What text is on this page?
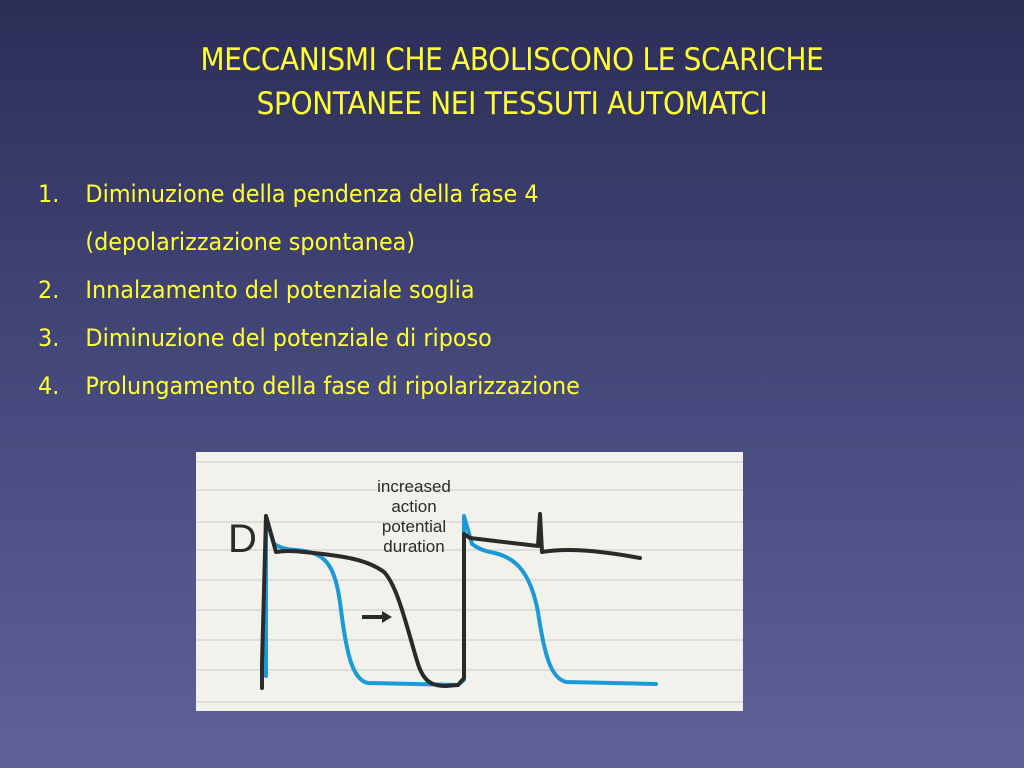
MECCANISMI CHE ABOLISCONO LE SCARICHE
SPONTANEE NEI TESSUTI AUTOMATCI
1.	Diminuzione della pendenza della fase 4
(depolarizzazione spontanea)
2.	Innalzamento del potenziale soglia
3.	Diminuzione del potenziale di riposo
4.	Prolungamento della fase di ripolarizzazione
D
increased
action
potential
duration
